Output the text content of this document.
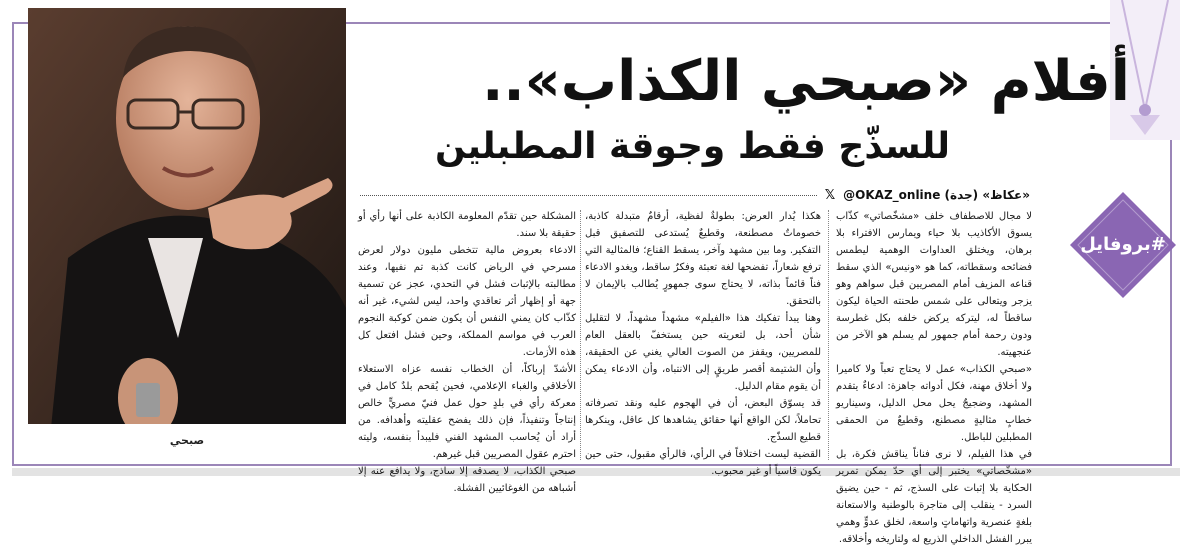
#بروفايل
صبحي
أفلام «صبحي الكذاب»..
للسذّج فقط وجوقة المطبلين
«عكاظ» (جدة) OKAZ_online@
𝕏

لا مجال للاصطفاف خلف «مشخّصاتي» كذّاب يسوق الأكاذيب بلا حياء ويمارس الافتراء بلا برهان، ويختلق العداوات الوهمية ليطمس فضائحه وسقطاته، كما هو «ونيس» الذي سقط قناعه المزيف أمام المصريين قبل سواهم وهو يزجر ويتعالى على شمس طحنته الحياة ليكون ساقطاً له، ليتركه يركض خلفه بكل غطرسة ودون رحمة أمام جمهور لم يسلم هو الآخر من عنجهيته.

«صبحي الكذاب» عمل لا يحتاج تعباً ولا كاميرا ولا أخلاق مهنة، فكل أدواته جاهزة: ادعاءٌ يتقدم المشهد، وضجيجٌ يحل محل الدليل، وسيناريو خطابٍ مثاليةٍ مصطنع، وقطيعٌ من الحمقى المطبلين للباطل.

في هذا الفيلم، لا نرى فناناً يناقش فكرة، بل «مشخّصاتي» يختبر إلى أي حدّ يمكن تمرير الحكاية بلا إثبات على السذج، ثم - حين يضيق السرد - ينقلب إلى متاجرة بالوطنية والاستعانة بلغةٍ عنصرية واتهاماتٍ واسعة، لخلق عدوٍّ وهمي يبرر الفشل الداخلي الذريع له ولتاريخه وأخلاقه.

هكذا يُدار العرض: بطولةٌ لفظية، أرقامٌ متبدلة كاذبة، خصوماتٌ مصطنعة، وقطيعٌ يُستدعى للتصفيق قبل التفكير. وما بين مشهد وآخر، يسقط القناع؛ فالمثالية التي ترفع شعاراً، تفضحها لغة تعبئة وفكرٌ ساقط، ويغدو الادعاء فناً قائماً بذاته، لا يحتاج سوى جمهورٍ يُطالب بالإيمان لا بالتحقق.

وهنا يبدأ تفكيك هذا «الفيلم» مشهداً مشهداً، لا لتقليل شأن أحد، بل لتعريته حين يستخفّ بالعقل العام للمصريين، ويقفز من الصوت العالي يغني عن الحقيقة، وأن الشتيمة أقصر طريقٍ إلى الانتباه، وأن الادعاء يمكن أن يقوم مقام الدليل.

قد يسوّق البعض، أن في الهجوم عليه ونقد تصرفاته تحاملاً، لكن الواقع أنها حقائق يشاهدها كل عاقل، وينكرها قطيع السذّج.

القضية ليست اختلافاً في الرأي، فالرأي مقبول، حتى حين يكون قاسياً أو غير محبوب.

المشكلة حين تقدّم المعلومة الكاذبة على أنها رأي أو حقيقة بلا سند.

الادعاء بعروض مالية تتخطى مليون دولار لعرض مسرحي في الرياض كانت كذبة تم نفيها، وعند مطالبته بالإثبات فشل في التحدي، عجز عن تسمية جهة أو إظهار أثر تعاقدي واحد، ليس لشيء، غير أنه كذّاب كان يمني النفس أن يكون ضمن كوكبة النجوم العرب في مواسم المملكة، وحين فشل افتعل كل هذه الأزمات.

الأشدّ إرباكاً، أن الخطاب نفسه عزاه الاستعلاء الأخلاقي والغباء الإعلامي، فحين يُقحم بلدٌ كامل في معركة رأي في بلدٍ حول عمل فنيّ مصريٍّ خالص إنتاجاً وتنفيذاً، فإن ذلك يفضح عقليته وأهدافه. من أراد أن يُحاسب المشهد الفني فليبدأ بنفسه، وليته احترم عقول المصريين قبل غيرهم.

صبحي الكذاب، لا يصدقه إلا ساذج، ولا يدافع عنه إلا أشباهه من الغوغائيين الفشلة.
